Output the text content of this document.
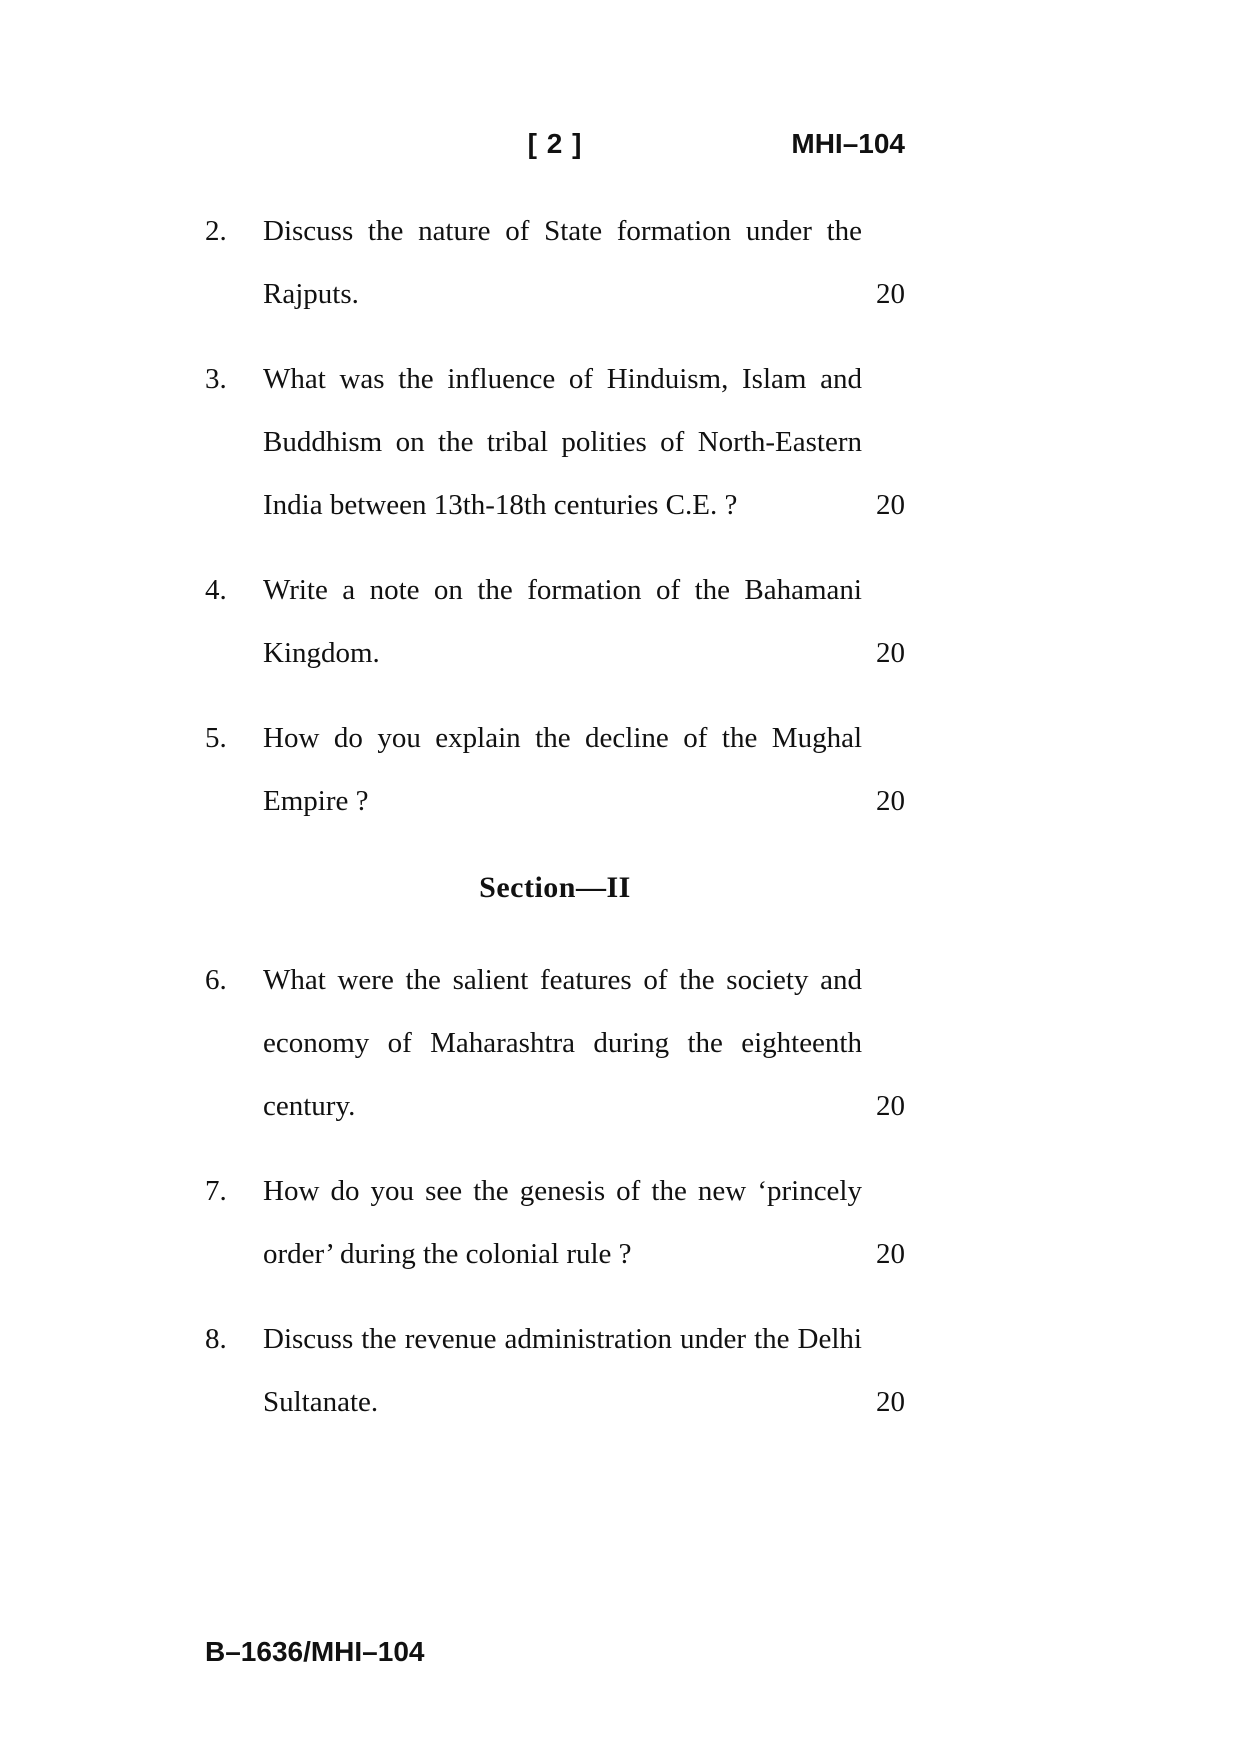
[ 2 ]	MHI–104
2.	Discuss the nature of State formation under the Rajputs.	20
3.	What was the influence of Hinduism, Islam and Buddhism on the tribal polities of North-Eastern India between 13th-18th centuries C.E. ?	20
4.	Write a note on the formation of the Bahamani Kingdom.	20
5.	How do you explain the decline of the Mughal Empire ?	20
Section—II
6.	What were the salient features of the society and economy of Maharashtra during the eighteenth century.	20
7.	How do you see the genesis of the new ‘princely order’ during the colonial rule ?	20
8.	Discuss the revenue administration under the Delhi Sultanate.	20
B–1636/MHI–104
